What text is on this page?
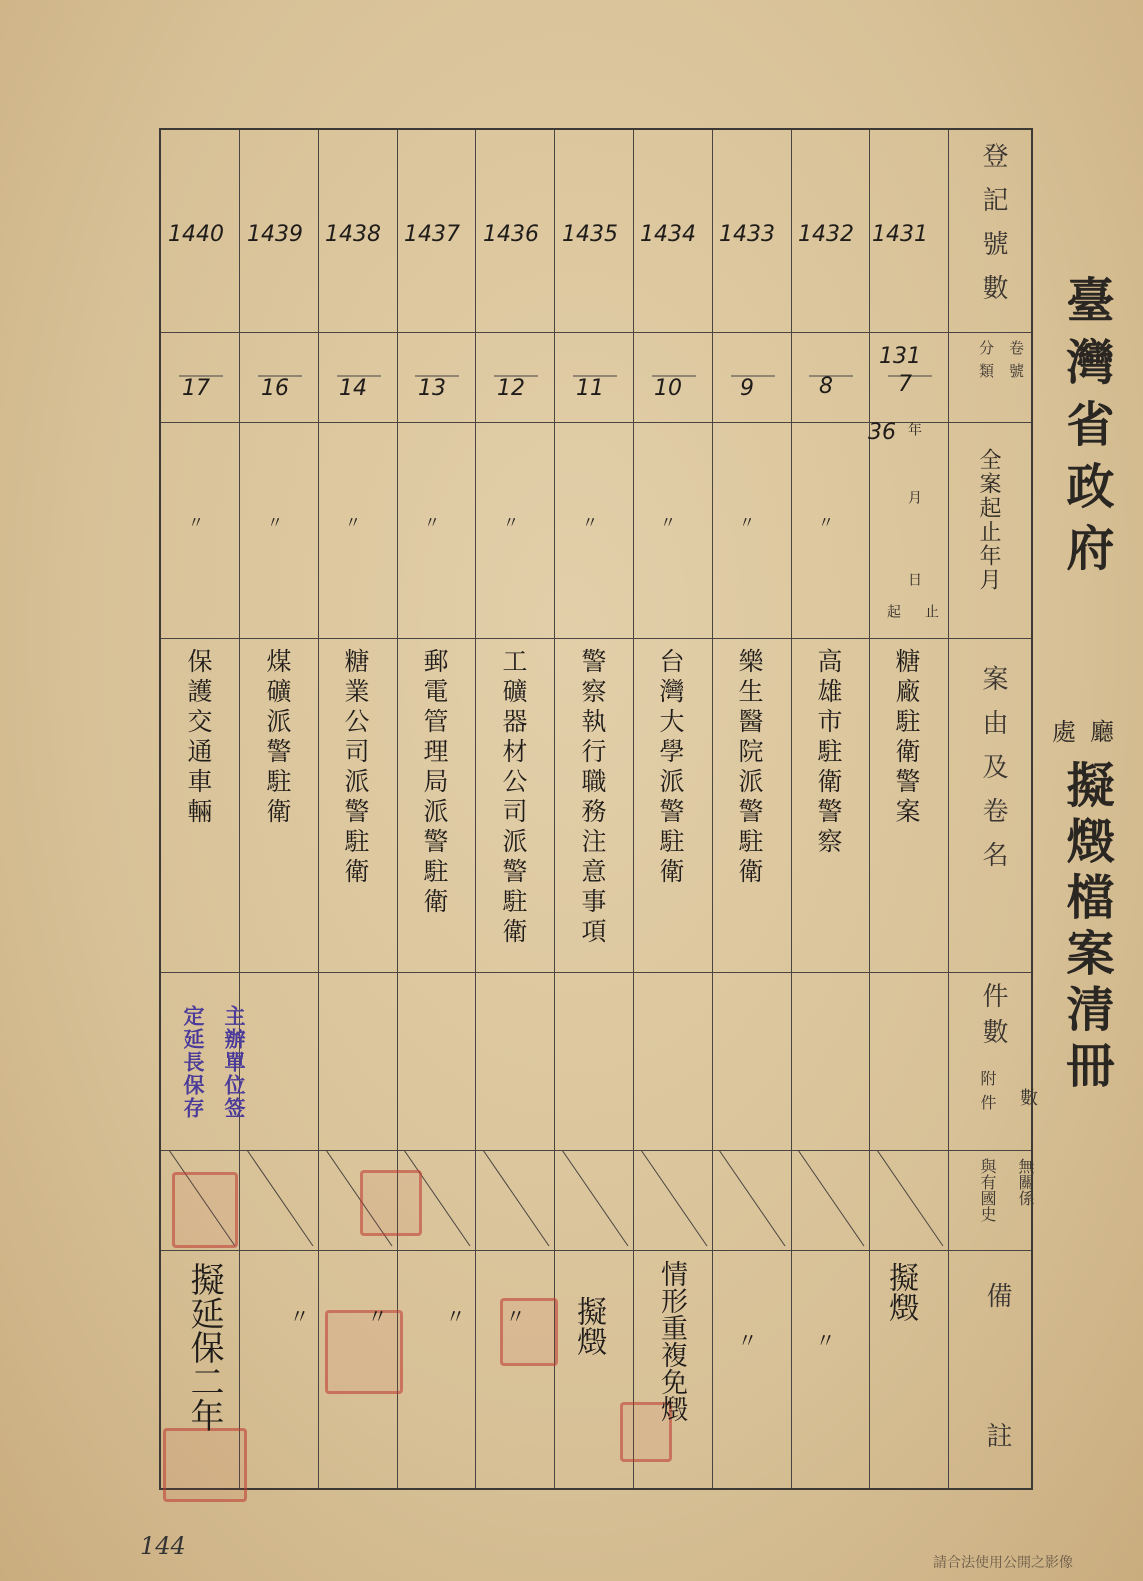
登記號數
卷號
分類
全案起止年月
案由及卷名
件數
數
附件
無關係
與有國史
備
註
年
月
日
起 止
1431
1432
1433
1434
1435
1436
1437
1438
1439
1440
131
7
8
9
10
11
12
13
14
16
17
36
〃
〃
〃
〃
〃
〃
〃
〃
〃
糖廠駐衛警案
高雄市駐衛警察
樂生醫院派警駐衛
台灣大學派警駐衛
警察執行職務注意事項
工礦器材公司派警駐衛
郵電管理局派警駐衛
糖業公司派警駐衛
煤礦派警駐衛
保護交通車輛
主辦單位签
定延長保存
擬燬
〃
〃
情形重複免燬
擬燬
〃
〃
〃
〃
擬延保二年
廳
處
臺灣省政府
擬燬檔案清冊
144
請合法使用公開之影像
